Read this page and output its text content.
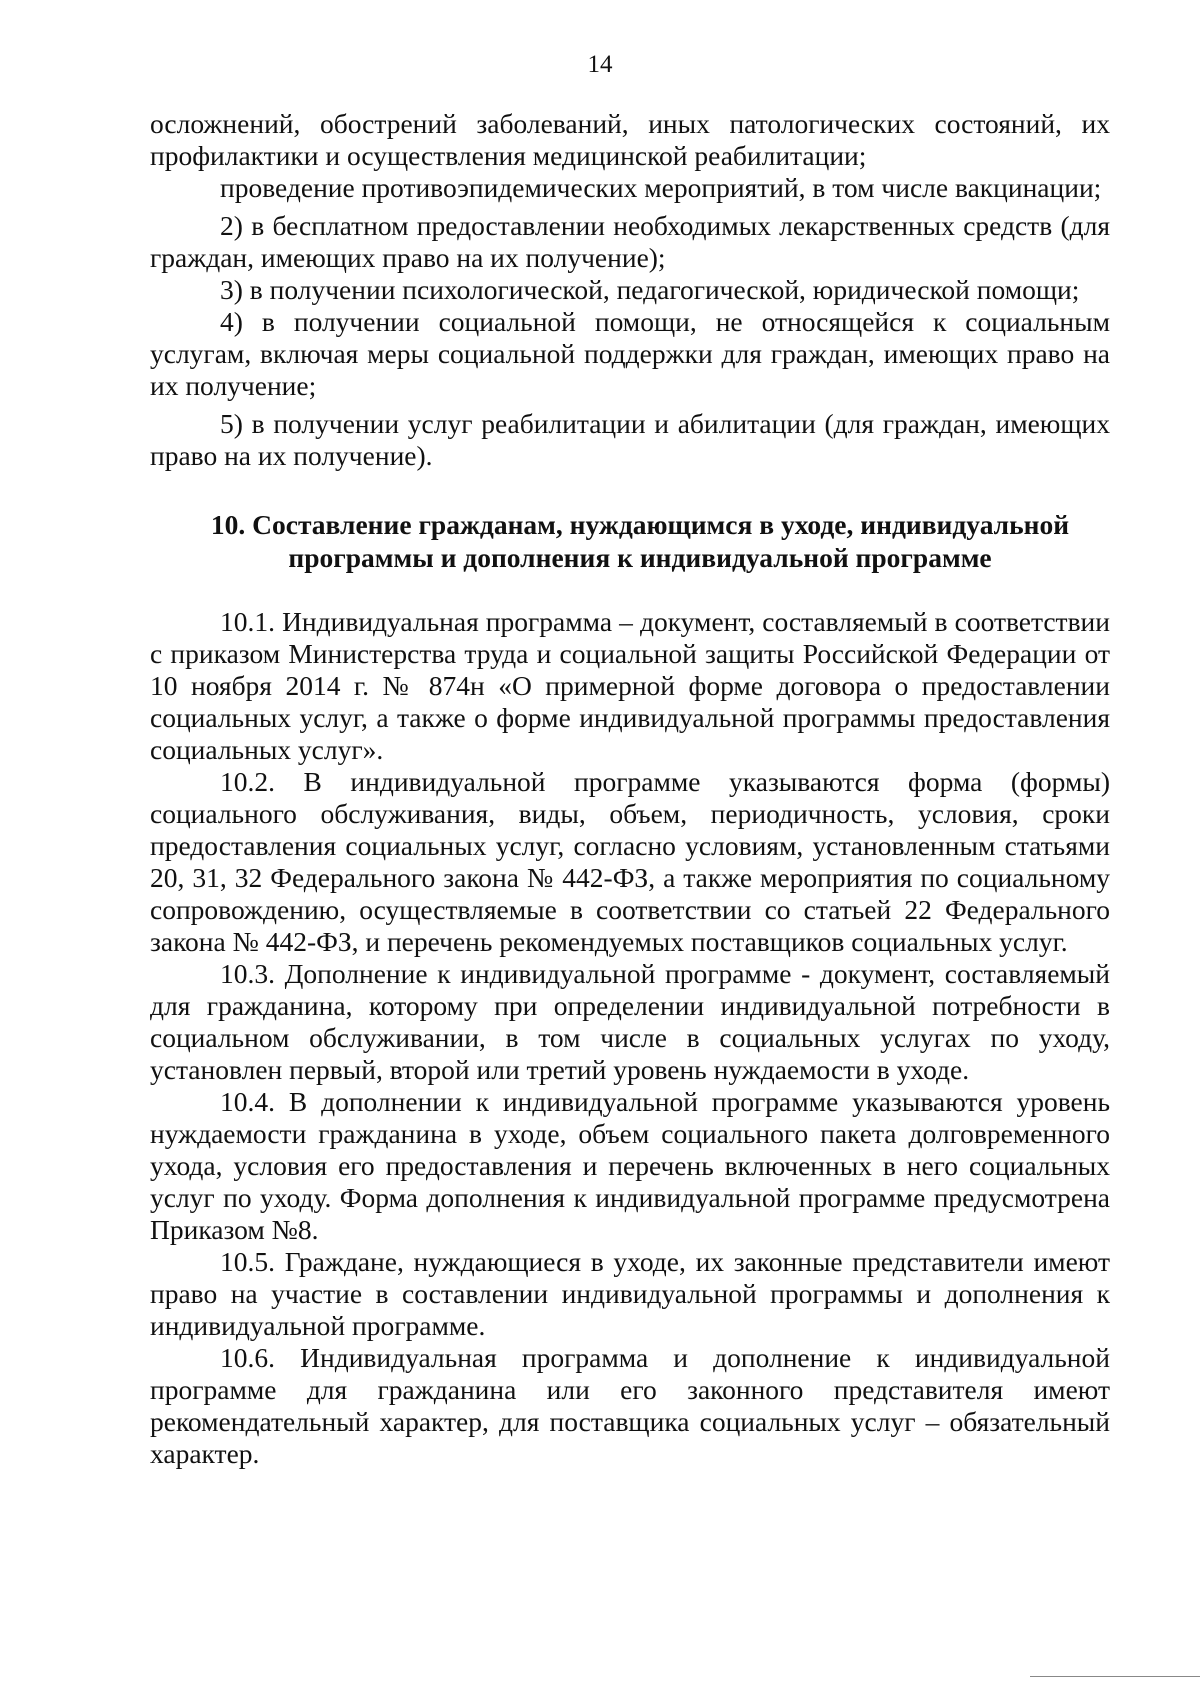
14

осложнений, обострений заболеваний, иных патологических состояний, их профилактики и осуществления медицинской реабилитации;

проведение противоэпидемических мероприятий, в том числе вакцинации;

2) в бесплатном предоставлении необходимых лекарственных средств (для граждан, имеющих право на их получение);

3) в получении психологической, педагогической, юридической помощи;

4) в получении социальной помощи, не относящейся к социальным услугам, включая меры социальной поддержки для граждан, имеющих право на их получение;

5) в получении услуг реабилитации и абилитации (для граждан, имеющих право на их получение).

10. Составление гражданам, нуждающимся в уходе, индивидуальной
программы и дополнения к индивидуальной программе

10.1. Индивидуальная программа – документ, составляемый в соответствии с приказом Министерства труда и социальной защиты Российской Федерации от 10 ноября 2014 г. № 874н «О примерной форме договора о предоставлении социальных услуг, а также о форме индивидуальной программы предоставления социальных услуг».

10.2. В индивидуальной программе указываются форма (формы) социального обслуживания, виды, объем, периодичность, условия, сроки предоставления социальных услуг, согласно условиям, установленным статьями 20, 31, 32 Федерального закона № 442-ФЗ, а также мероприятия по социальному сопровождению, осуществляемые в соответствии со статьей 22 Федерального закона № 442-ФЗ, и перечень рекомендуемых поставщиков социальных услуг.

10.3. Дополнение к индивидуальной программе - документ, составляемый для гражданина, которому при определении индивидуальной потребности в социальном обслуживании, в том числе в социальных услугах по уходу, установлен первый, второй или третий уровень нуждаемости в уходе.

10.4. В дополнении к индивидуальной программе указываются уровень нуждаемости гражданина в уходе, объем социального пакета долговременного ухода, условия его предоставления и перечень включенных в него социальных услуг по уходу. Форма дополнения к индивидуальной программе предусмотрена Приказом №8.

10.5. Граждане, нуждающиеся в уходе, их законные представители имеют право на участие в составлении индивидуальной программы и дополнения к индивидуальной программе.

10.6. Индивидуальная программа и дополнение к индивидуальной программе для гражданина или его законного представителя имеют рекомендательный характер, для поставщика социальных услуг – обязательный характер.
